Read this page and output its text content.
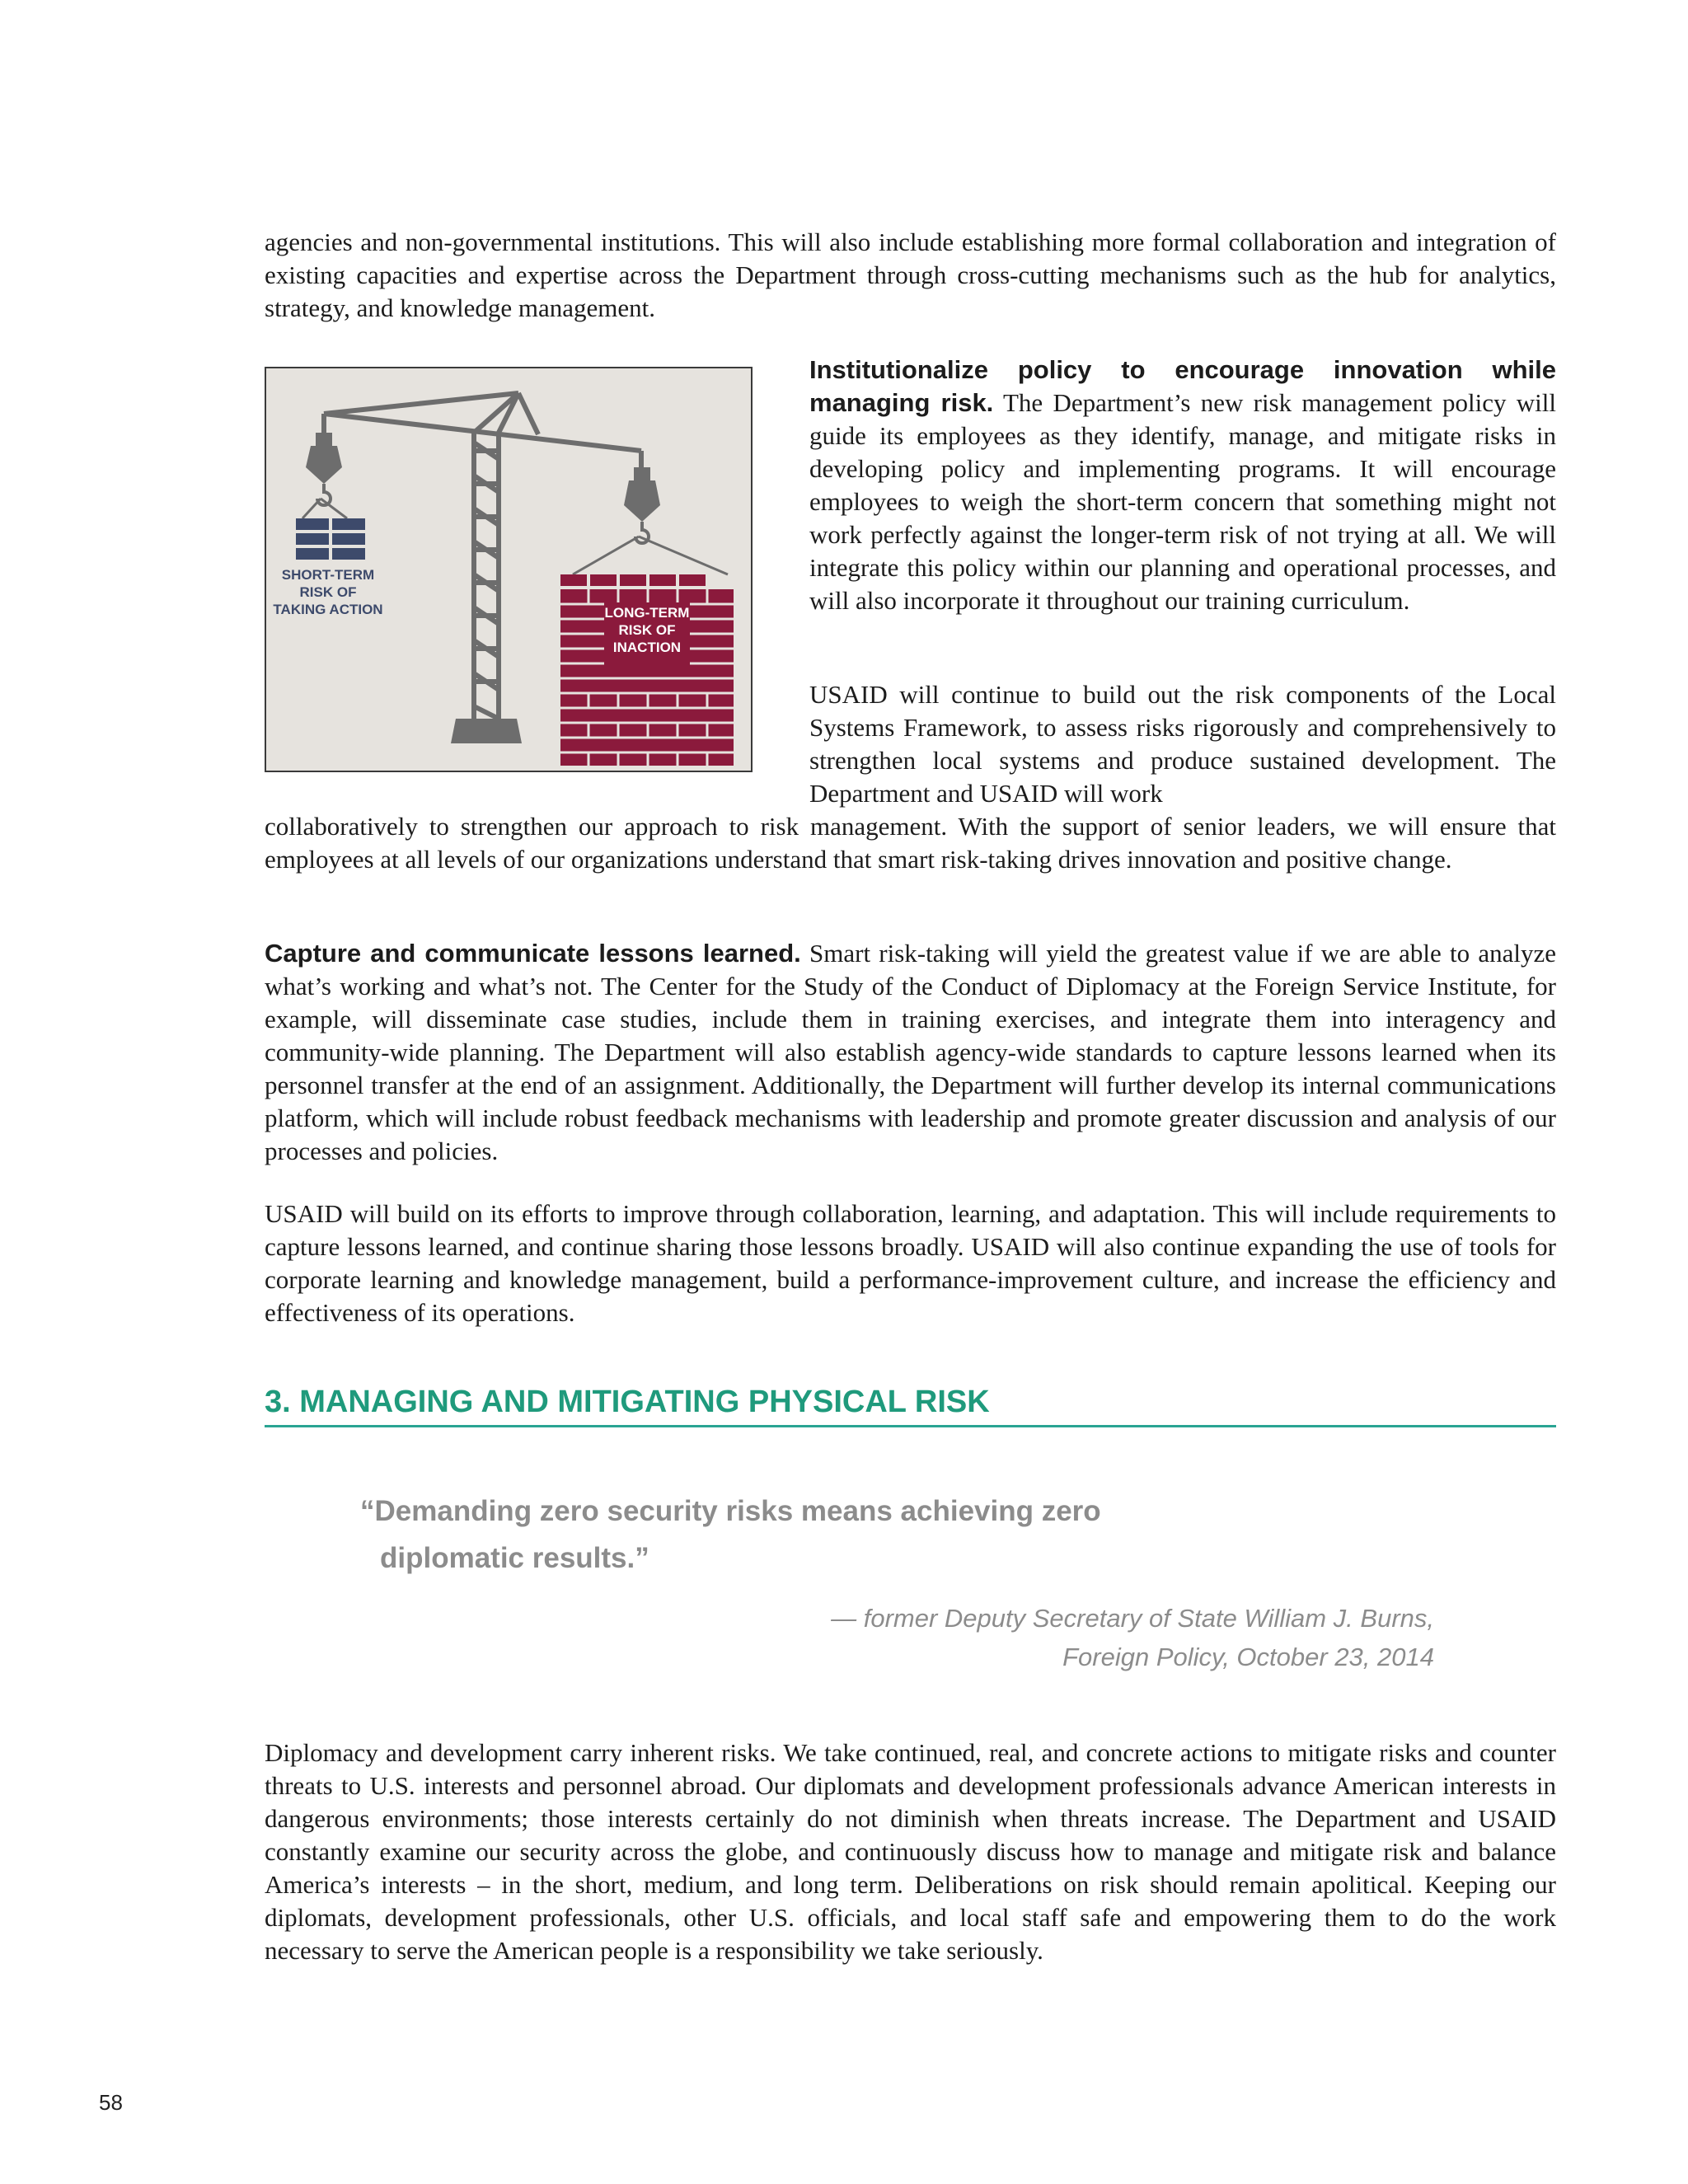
agencies and non-governmental institutions. This will also include establishing more formal collaboration and integration of existing capacities and expertise across the Department through cross-cutting mechanisms such as the hub for analytics, strategy, and knowledge management.

SHORT-TERM
RISK OF
TAKING ACTION	LONG-TERM
RISK OF
INACTION

Institutionalize policy to encourage innovation while managing risk. The Department’s new risk management policy will guide its employees as they identify, manage, and mitigate risks in developing policy and implementing programs. It will encourage employees to weigh the short-term concern that something might not work perfectly against the longer-term risk of not trying at all. We will integrate this policy within our planning and operational processes, and will also incorporate it throughout our training curriculum.

USAID will continue to build out the risk components of the Local Systems Framework, to assess risks rigorously and comprehensively to strengthen local systems and produce sustained development. The Department and USAID will work

collaboratively to strengthen our approach to risk management. With the support of senior leaders, we will ensure that employees at all levels of our organizations understand that smart risk-taking drives innovation and positive change.

Capture and communicate lessons learned. Smart risk-taking will yield the greatest value if we are able to analyze what’s working and what’s not. The Center for the Study of the Conduct of Diplomacy at the Foreign Service Institute, for example, will disseminate case studies, include them in training exercises, and integrate them into interagency and community-wide planning. The Department will also establish agency-wide standards to capture lessons learned when its personnel transfer at the end of an assignment. Additionally, the Department will further develop its internal communications platform, which will include robust feedback mechanisms with leadership and promote greater discussion and analysis of our processes and policies.

USAID will build on its efforts to improve through collaboration, learning, and adaptation. This will include requirements to capture lessons learned, and continue sharing those lessons broadly. USAID will also continue expanding the use of tools for corporate learning and knowledge management, build a performance-improvement culture, and increase the efficiency and effectiveness of its operations.

3. MANAGING AND MITIGATING PHYSICAL RISK
“Demanding zero security risks means achieving zero
diplomatic results.”

— former Deputy Secretary of State William J. Burns,
Foreign Policy, October 23, 2014

Diplomacy and development carry inherent risks. We take continued, real, and concrete actions to mitigate risks and counter threats to U.S. interests and personnel abroad. Our diplomats and development professionals advance American interests in dangerous environments; those interests certainly do not diminish when threats increase. The Department and USAID constantly examine our security across the globe, and continuously discuss how to manage and mitigate risk and balance America’s interests – in the short, medium, and long term. Deliberations on risk should remain apolitical. Keeping our diplomats, development professionals, other U.S. officials, and local staff safe and empowering them to do the work necessary to serve the American people is a responsibility we take seriously.

58
